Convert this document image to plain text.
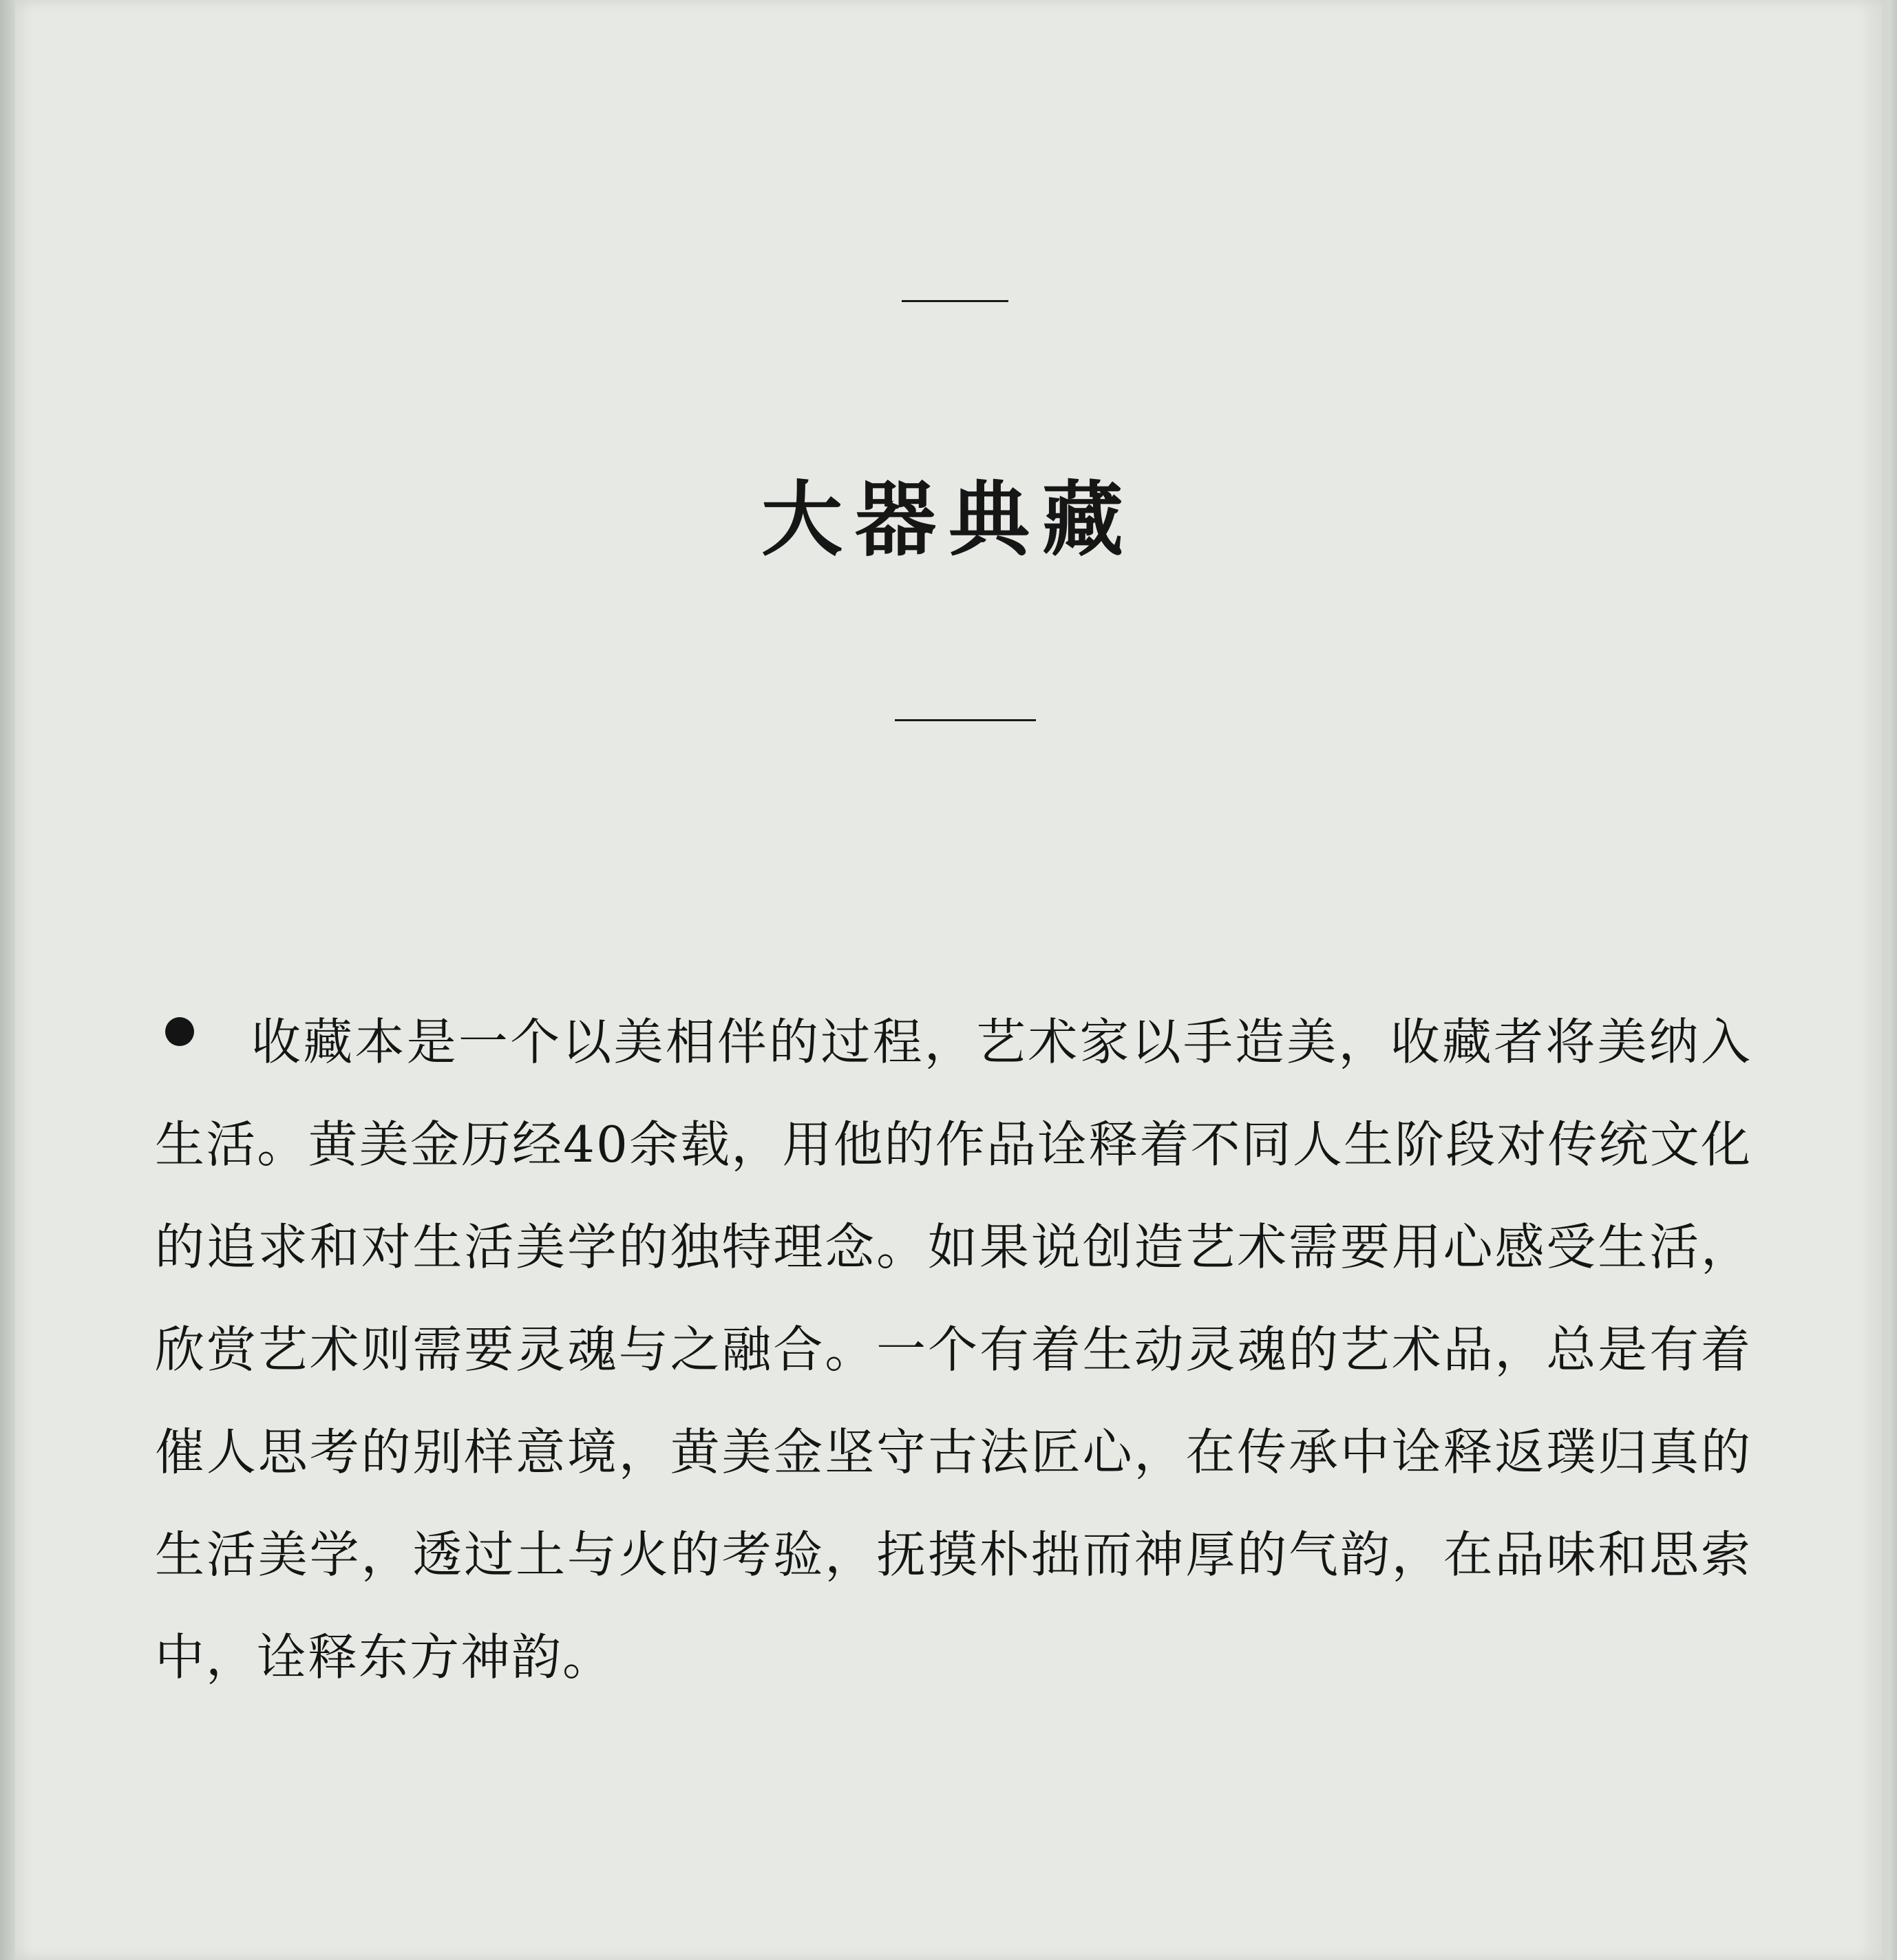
大器典藏
收藏本是一个以美相伴的过程，艺术家以手造美，收藏者将美纳入生活。黄美金历经40余载，用他的作品诠释着不同人生阶段对传统文化的追求和对生活美学的独特理念。如果说创造艺术需要用心感受生活，欣赏艺术则需要灵魂与之融合。一个有着生动灵魂的艺术品，总是有着催人思考的别样意境，黄美金坚守古法匠心，在传承中诠释返璞归真的生活美学，透过土与火的考验，抚摸朴拙而神厚的气韵，在品味和思索中，诠释东方神韵。
